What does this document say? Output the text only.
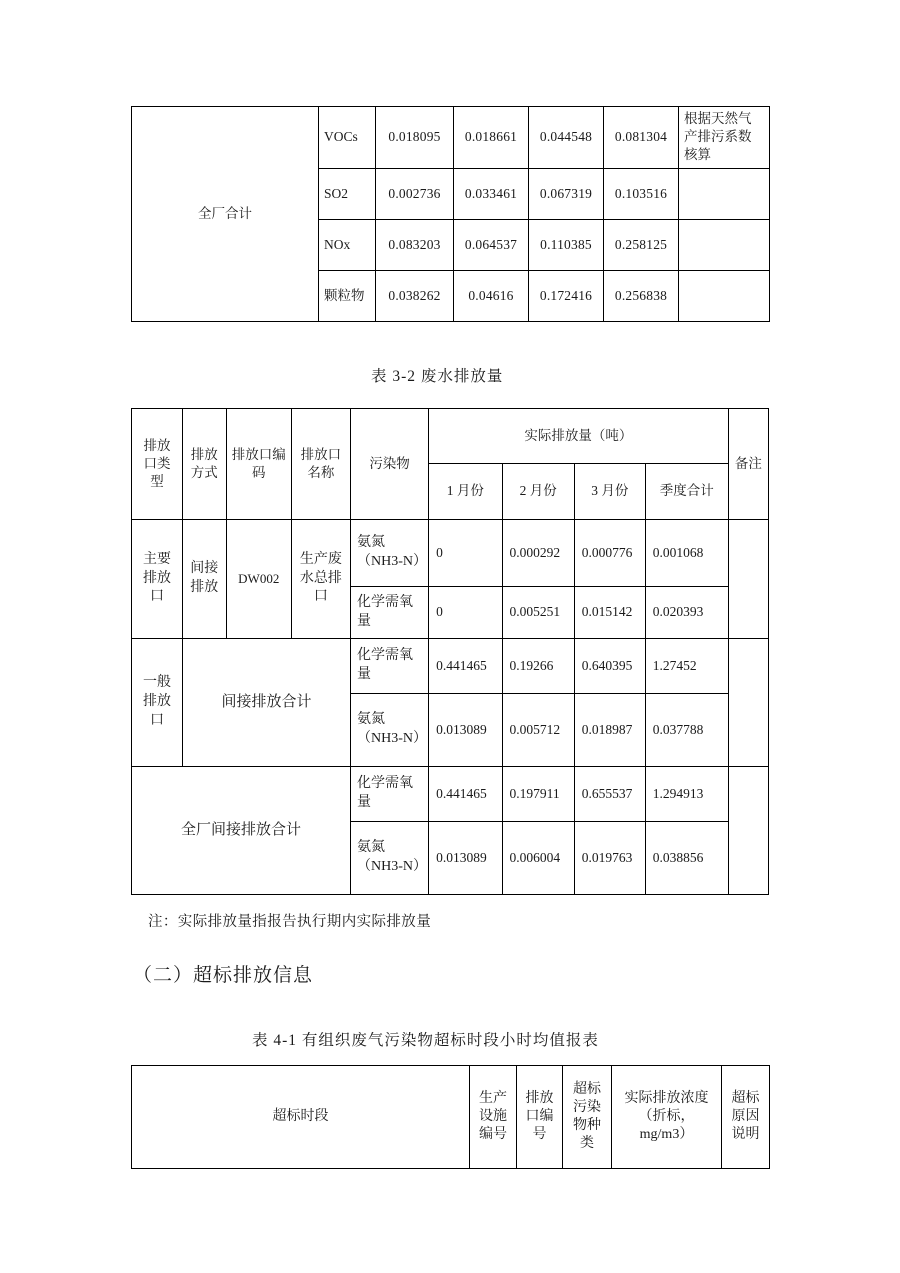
全厂合计	VOCs	0.018095	0.018661	0.044548	0.081304	根据天然气产排污系数核算
	SO2	0.002736	0.033461	0.067319	0.103516	
	NOx	0.083203	0.064537	0.110385	0.258125	
	颗粒物	0.038262	0.04616	0.172416	0.256838	
表 3-2 废水排放量
排放口类型	排放方式	排放口编码	排放口名称	污染物	实际排放量（吨）				备注
					1 月份	2 月份	3 月份	季度合计	
主要排放口	间接排放	DW002	生产废水总排口	氨氮（NH3-N）	0	0.000292	0.000776	0.001068	
				化学需氧量	0	0.005251	0.015142	0.020393	
一般排放口	间接排放合计			化学需氧量	0.441465	0.19266	0.640395	1.27452	
				氨氮（NH3-N）	0.013089	0.005712	0.018987	0.037788	
全厂间接排放合计				化学需氧量	0.441465	0.197911	0.655537	1.294913	
				氨氮（NH3-N）	0.013089	0.006004	0.019763	0.038856	
注：实际排放量指报告执行期内实际排放量
（二）超标排放信息
表 4-1 有组织废气污染物超标时段小时均值报表
超标时段	生产设施编号	排放口编号	超标污染物种类	实际排放浓度（折标，mg/m3）	超标原因说明
